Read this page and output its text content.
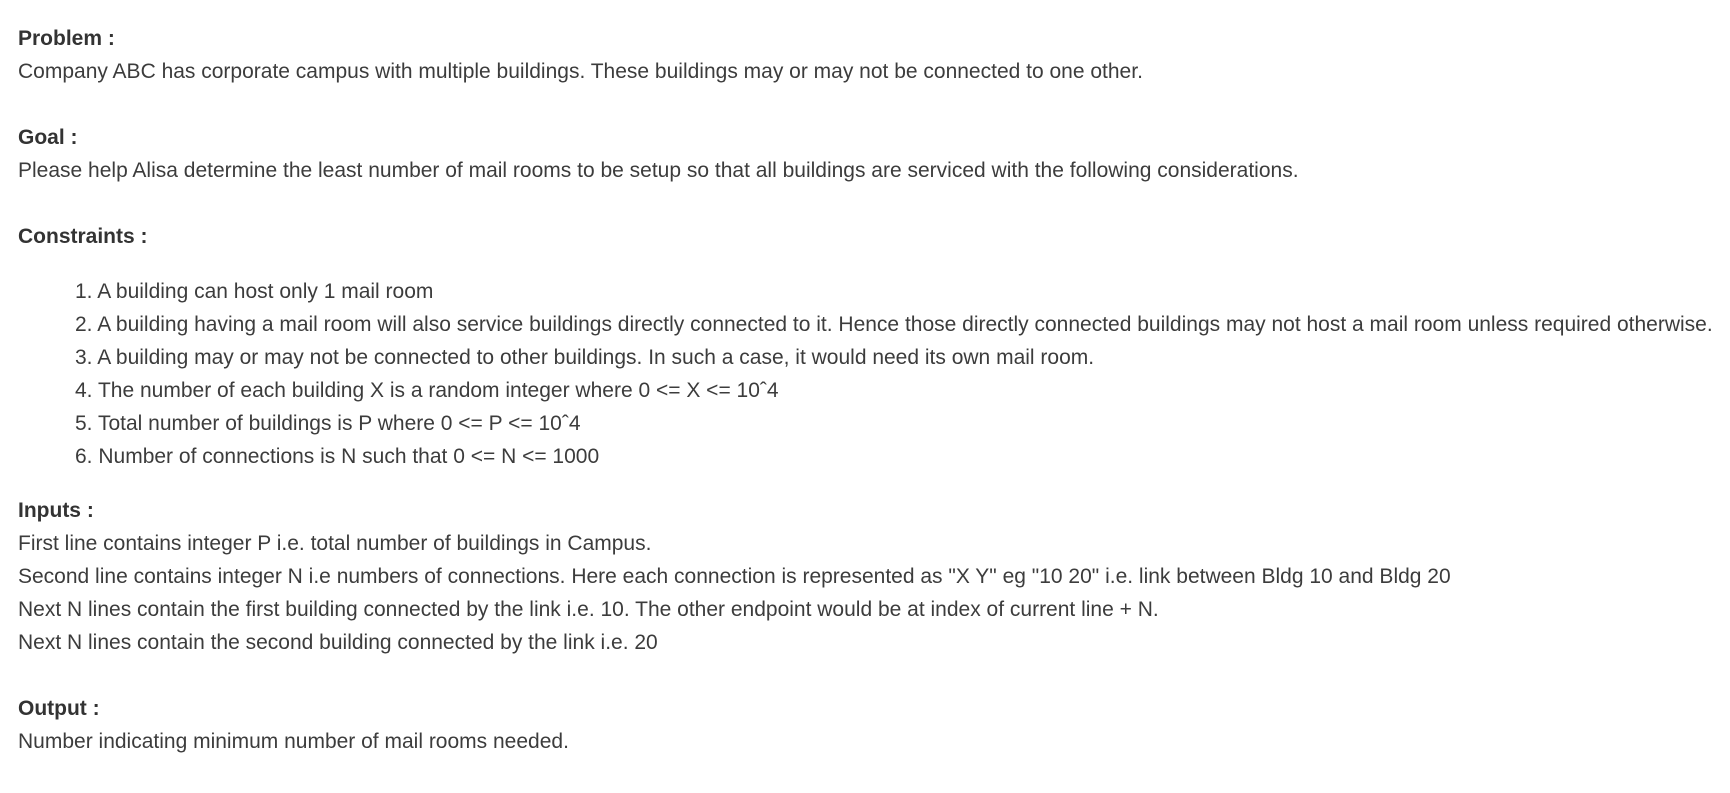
Problem :
Company ABC has corporate campus with multiple buildings. These buildings may or may not be connected to one other.
Goal :
Please help Alisa determine the least number of mail rooms to be setup so that all buildings are serviced with the following considerations.
Constraints :
1. A building can host only 1 mail room
2. A building having a mail room will also service buildings directly connected to it. Hence those directly connected buildings may not host a mail room unless required otherwise.
3. A building may or may not be connected to other buildings. In such a case, it would need its own mail room.
4. The number of each building X is a random integer where 0 <= X <= 10ˆ4
5. Total number of buildings is P where 0 <= P <= 10ˆ4
6. Number of connections is N such that 0 <= N <= 1000
Inputs :
First line contains integer P i.e. total number of buildings in Campus.
Second line contains integer N i.e numbers of connections. Here each connection is represented as "X Y" eg "10 20" i.e. link between Bldg 10 and Bldg 20
Next N lines contain the first building connected by the link i.e. 10. The other endpoint would be at index of current line + N.
Next N lines contain the second building connected by the link i.e. 20
Output :
Number indicating minimum number of mail rooms needed.
